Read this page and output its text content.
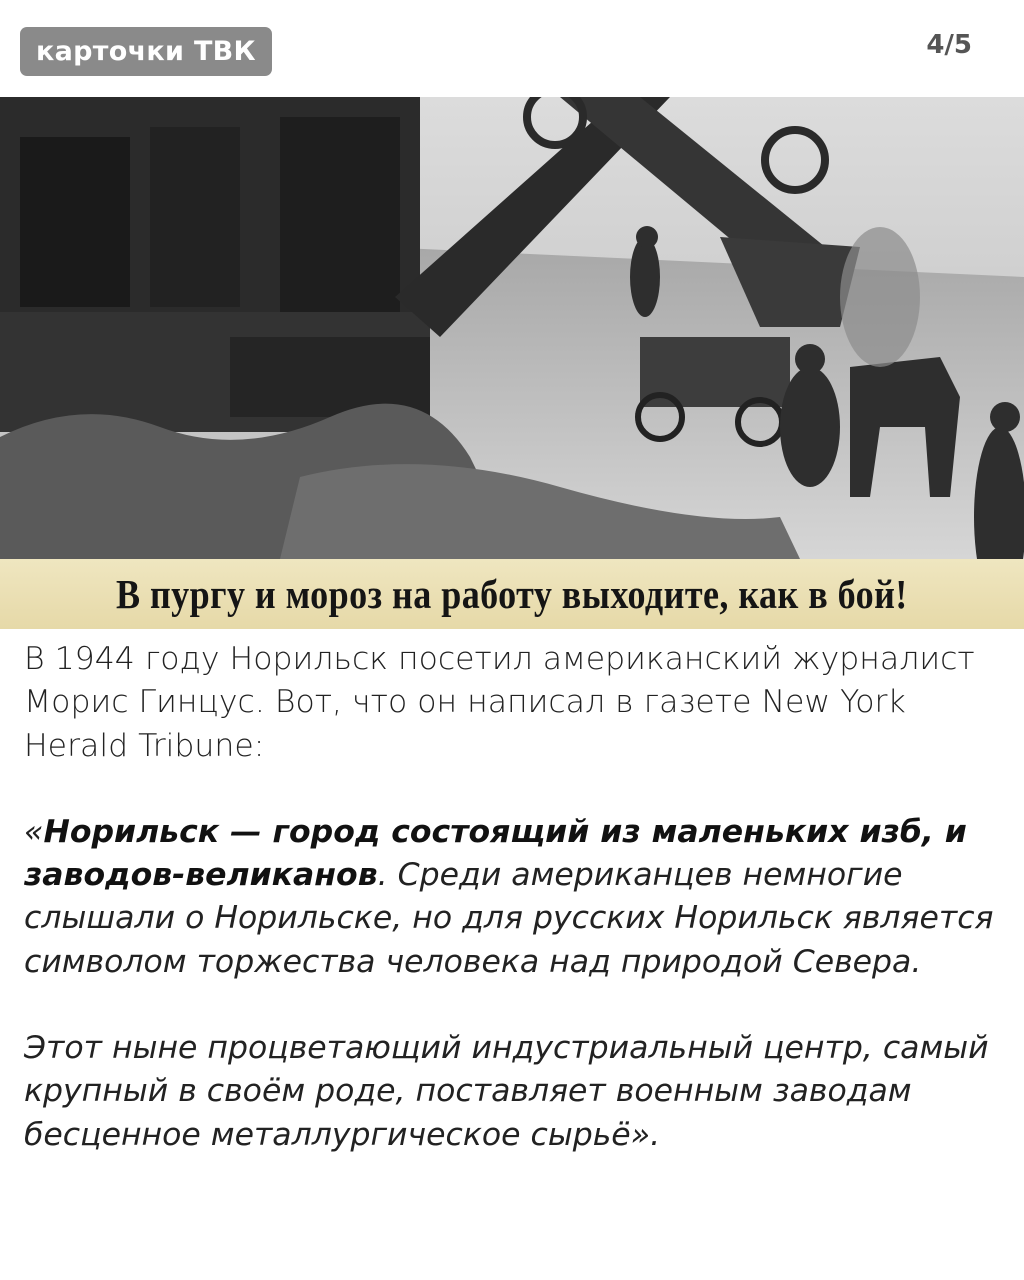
карточки ТВК	4/5
В пургу и мороз на работу выходите, как в бой!

В 1944 году Норильск посетил американский журналист Морис Гинцус. Вот, что он написал в газете New York Herald Tribune:

«Норильск — город состоящий из маленьких изб, и заводов-великанов. Среди американцев немногие слышали о Норильске, но для русских Норильск является символом торжества человека над природой Севера.

Этот ныне процветающий индустриальный центр, самый крупный в своём роде, поставляет военным заводам бесценное металлургическое сырьё».
